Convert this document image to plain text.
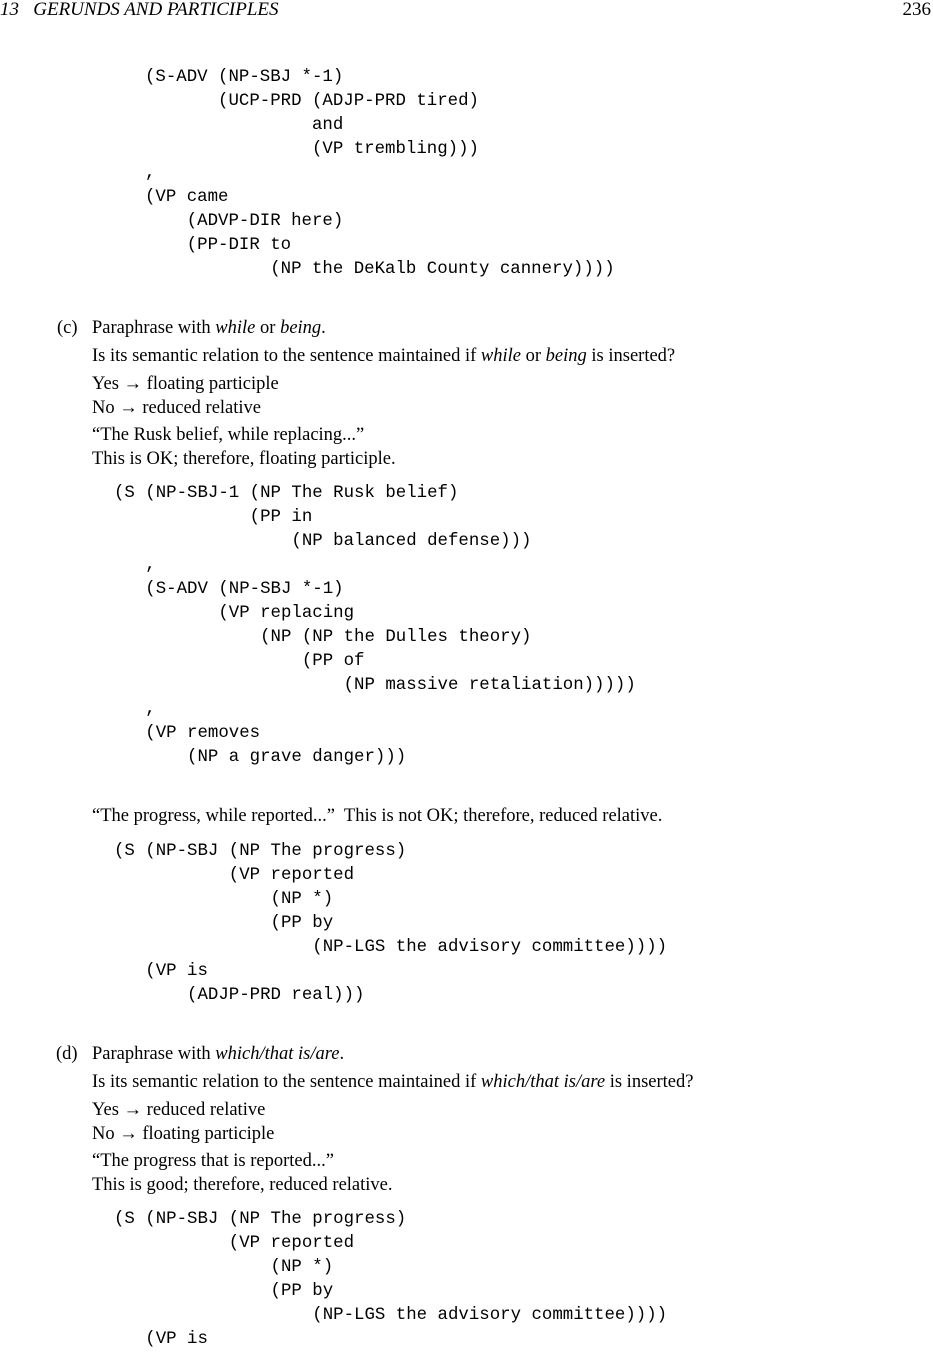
13   GERUNDS AND PARTICIPLES	236
(S-ADV (NP-SBJ *-1)
(UCP-PRD (ADJP-PRD tired)
and
(VP trembling)))
,
(VP came
(ADVP-DIR here)
(PP-DIR to
(NP the DeKalb County cannery))))
(c) Paraphrase with while or being.
Is its semantic relation to the sentence maintained if while or being is inserted?
Yes → floating participle
No → reduced relative
“The Rusk belief, while replacing...”
This is OK; therefore, floating participle.
(S (NP-SBJ-1 (NP The Rusk belief)
(PP in
(NP balanced defense)))
,
(S-ADV (NP-SBJ *-1)
(VP replacing
(NP (NP the Dulles theory)
(PP of
(NP massive retaliation)))))
,
(VP removes
(NP a grave danger)))
“The progress, while reported...”  This is not OK; therefore, reduced relative.
(S (NP-SBJ (NP The progress)
(VP reported
(NP *)
(PP by
(NP-LGS the advisory committee))))
(VP is
(ADJP-PRD real)))
(d) Paraphrase with which/that is/are.
Is its semantic relation to the sentence maintained if which/that is/are is inserted?
Yes → reduced relative
No → floating participle
“The progress that is reported...”
This is good; therefore, reduced relative.
(S (NP-SBJ (NP The progress)
(VP reported
(NP *)
(PP by
(NP-LGS the advisory committee))))
(VP is
